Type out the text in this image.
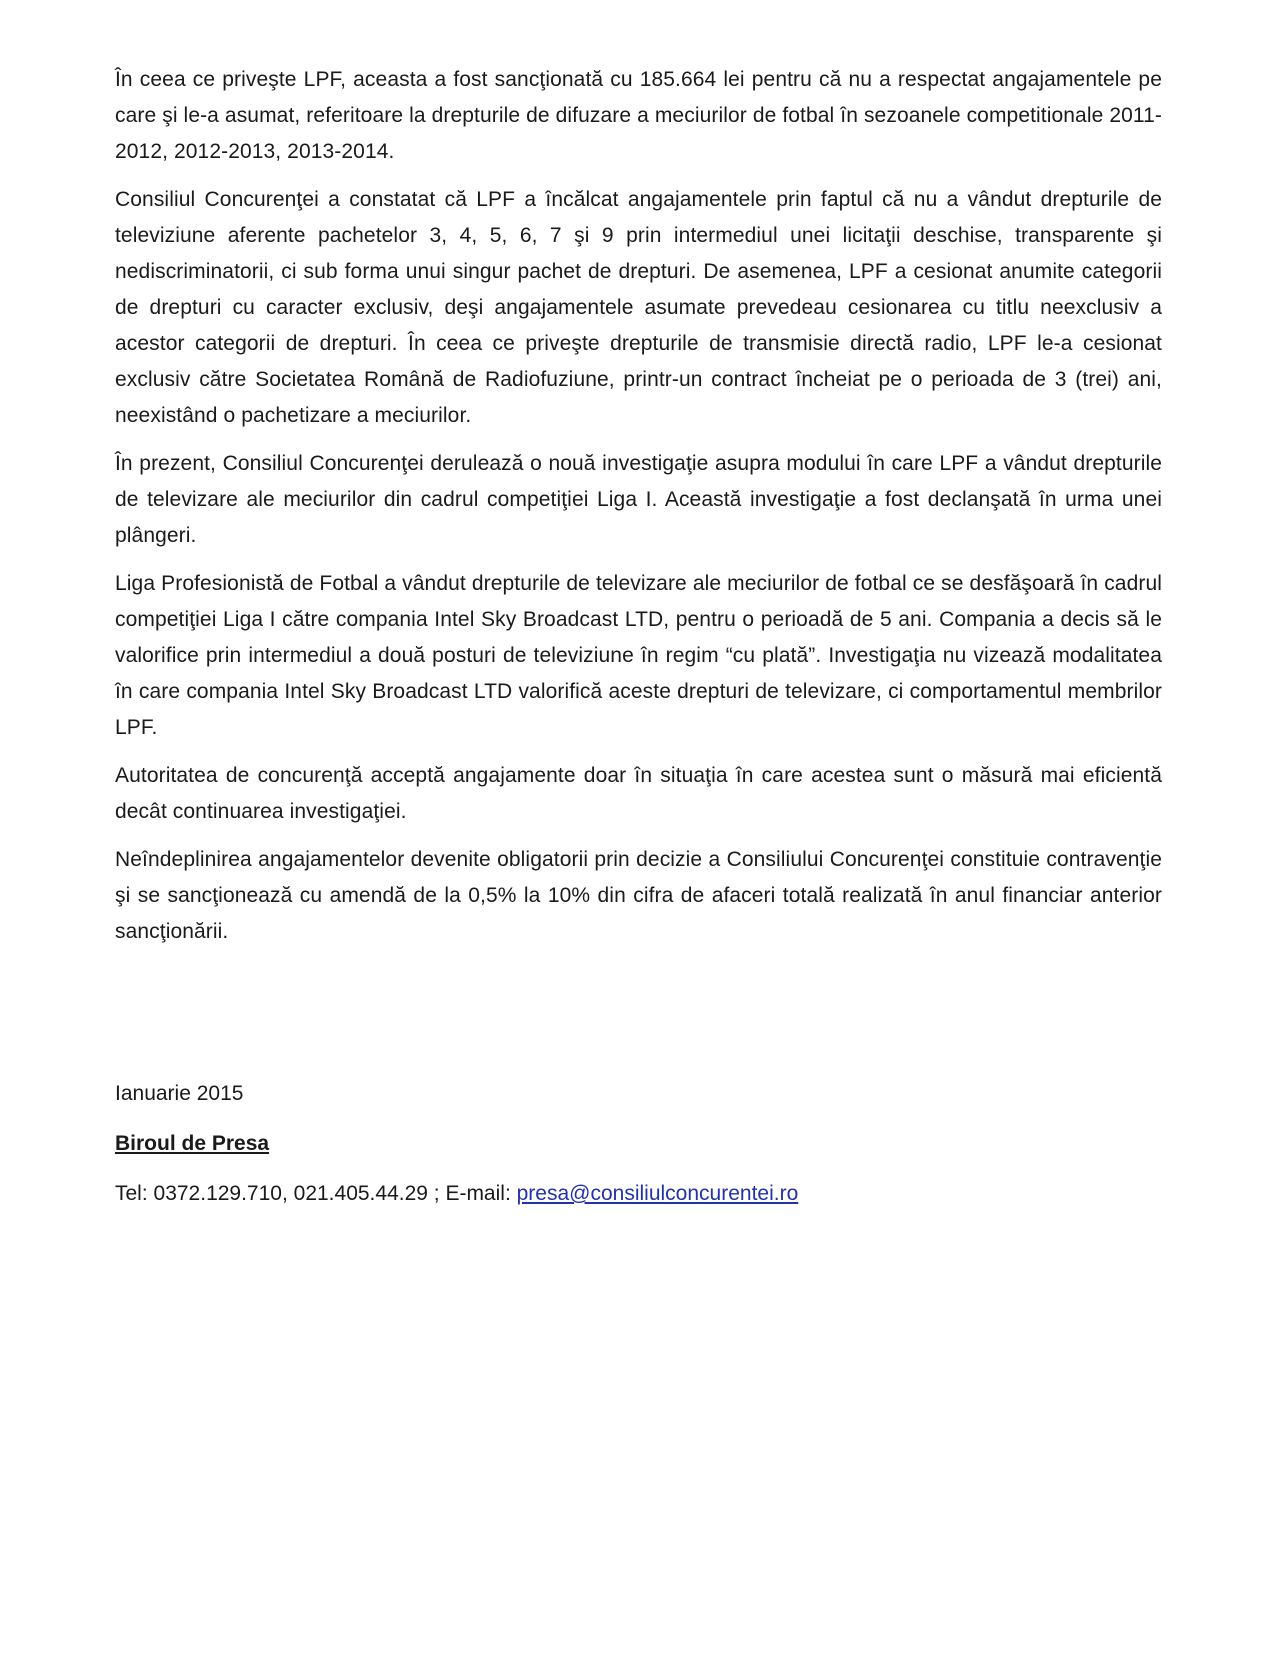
În ceea ce priveşte LPF, aceasta a fost sancţionată cu 185.664 lei pentru că nu a respectat angajamentele pe care şi le-a asumat, referitoare la drepturile de difuzare a meciurilor de fotbal în sezoanele competitionale 2011-2012, 2012-2013, 2013-2014.

Consiliul Concurenţei a constatat că LPF a încălcat angajamentele prin faptul că nu a vândut drepturile de televiziune aferente pachetelor 3, 4, 5, 6, 7 şi 9 prin intermediul unei licitaţii deschise, transparente şi nediscriminatorii, ci sub forma unui singur pachet de drepturi. De asemenea, LPF a cesionat anumite categorii de drepturi cu caracter exclusiv, deşi angajamentele asumate prevedeau cesionarea cu titlu neexclusiv a acestor categorii de drepturi. În ceea ce priveşte drepturile de transmisie directă radio, LPF le-a cesionat exclusiv către Societatea Română de Radiofuziune, printr-un contract încheiat pe o perioada de 3 (trei) ani, neexistând o pachetizare a meciurilor.

În prezent, Consiliul Concurenţei derulează o nouă investigaţie asupra modului în care LPF a vândut drepturile de televizare ale meciurilor din cadrul competiţiei Liga I. Această investigaţie a fost declanşată în urma unei plângeri.

Liga Profesionistă de Fotbal a vândut drepturile de televizare ale meciurilor de fotbal ce se desfăşoară în cadrul competiţiei Liga I către compania Intel Sky Broadcast LTD, pentru o perioadă de 5 ani. Compania a decis să le valorifice prin intermediul a două posturi de televiziune în regim “cu plată”. Investigaţia nu vizează modalitatea în care compania Intel Sky Broadcast LTD valorifică aceste drepturi de televizare, ci comportamentul membrilor LPF.

Autoritatea de concurenţă acceptă angajamente doar în situaţia în care acestea sunt o măsură mai eficientă decât continuarea investigaţiei.

Neîndeplinirea angajamentelor devenite obligatorii prin decizie a Consiliului Concurenţei constituie contravenţie şi se sancţionează cu amendă de la 0,5% la 10% din cifra de afaceri totală realizată în anul financiar anterior sancţionării.

Ianuarie 2015
Biroul de Presa
Tel: 0372.129.710, 021.405.44.29 ; E-mail: presa@consiliulconcurentei.ro
